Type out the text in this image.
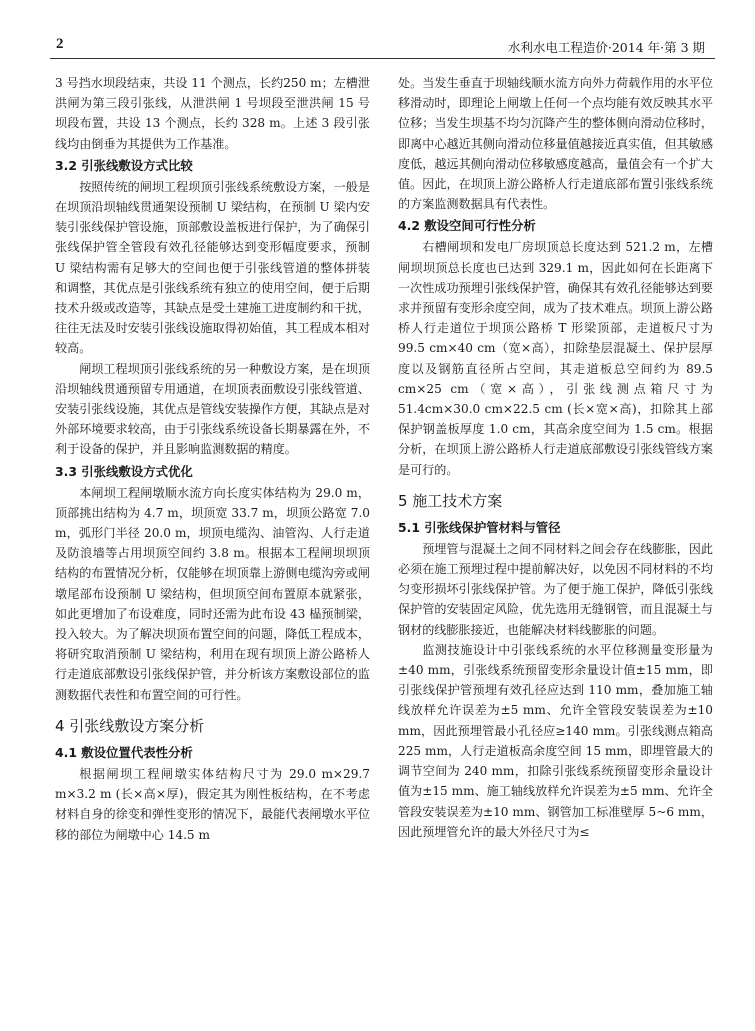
2	水利水电工程造价·2014 年·第 3 期

3 号挡水坝段结束，共设 11 个测点，长约250 m；左槽泄洪闸为第三段引张线，从泄洪闸 1 号坝段至泄洪闸 15 号坝段布置，共设 13 个测点，长约 328 m。上述 3 段引张线均由倒垂为其提供为工作基准。

3.2 引张线敷设方式比较

按照传统的闸坝工程坝顶引张线系统敷设方案，一般是在坝顶沿坝轴线贯通架设预制 U 梁结构，在预制 U 梁内安装引张线保护管设施，顶部敷设盖板进行保护，为了确保引张线保护管全管段有效孔径能够达到变形幅度要求，预制 U 梁结构需有足够大的空间也便于引张线管道的整体拼装和调整，其优点是引张线系统有独立的使用空间，便于后期技术升级或改造等，其缺点是受土建施工进度制约和干扰，往往无法及时安装引张线设施取得初始值，其工程成本相对较高。

闸坝工程坝顶引张线系统的另一种敷设方案，是在坝顶沿坝轴线贯通预留专用通道，在坝顶表面敷设引张线管道、安装引张线设施，其优点是管线安装操作方便，其缺点是对外部环境要求较高，由于引张线系统设备长期暴露在外，不利于设备的保护，并且影响监测数据的精度。

3.3 引张线敷设方式优化

本闸坝工程闸墩顺水流方向长度实体结构为 29.0 m，顶部挑出结构为 4.7 m，坝顶宽 33.7 m，坝顶公路宽 7.0 m，弧形门半径 20.0 m，坝顶电缆沟、油管沟、人行走道及防浪墙等占用坝顶空间约 3.8 m。根据本工程闸坝坝顶结构的布置情况分析，仅能够在坝顶靠上游侧电缆沟旁或闸墩尾部布设预制 U 梁结构，但坝顶空间布置原本就紧张，如此更增加了布设难度，同时还需为此布设 43 榀预制梁，投入较大。为了解决坝顶布置空间的问题，降低工程成本，将研究取消预制 U 梁结构，利用在现有坝顶上游公路桥人行走道底部敷设引张线保护管，并分析该方案敷设部位的监测数据代表性和布置空间的可行性。

4 引张线敷设方案分析
4.1 敷设位置代表性分析

根据闸坝工程闸墩实体结构尺寸为 29.0 m×29.7 m×3.2 m (长×高×厚)，假定其为刚性板结构，在不考虑材料自身的徐变和弹性变形的情况下，最能代表闸墩水平位移的部位为闸墩中心 14.5 m

处。当发生垂直于坝轴线顺水流方向外力荷载作用的水平位移滑动时，即理论上闸墩上任何一个点均能有效反映其水平位移；当发生坝基不均匀沉降产生的整体侧向滑动位移时，即离中心越近其侧向滑动位移量值越接近真实值，但其敏感度低，越远其侧向滑动位移敏感度越高，量值会有一个扩大值。因此，在坝顶上游公路桥人行走道底部布置引张线系统的方案监测数据具有代表性。

4.2 敷设空间可行性分析

右槽闸坝和发电厂房坝顶总长度达到 521.2 m，左槽闸坝坝顶总长度也已达到 329.1 m，因此如何在长距离下一次性成功预埋引张线保护管，确保其有效孔径能够达到要求并预留有变形余度空间，成为了技术难点。坝顶上游公路桥人行走道位于坝顶公路桥 T 形梁顶部，走道板尺寸为 99.5 cm×40 cm（宽×高），扣除垫层混凝土、保护层厚度以及钢筋直径所占空间，其走道板总空间约为 89.5 cm×25 cm（宽×高），引张线测点箱尺寸为 51.4cm×30.0 cm×22.5 cm (长×宽×高)，扣除其上部保护钢盖板厚度 1.0 cm，其高余度空间为 1.5 cm。根据分析，在坝顶上游公路桥人行走道底部敷设引张线管线方案是可行的。

5 施工技术方案
5.1 引张线保护管材料与管径

预埋管与混凝土之间不同材料之间会存在线膨胀，因此必须在施工预埋过程中提前解决好，以免因不同材料的不均匀变形损坏引张线保护管。为了便于施工保护，降低引张线保护管的安装固定风险，优先选用无缝钢管，而且混凝土与钢材的线膨胀接近，也能解决材料线膨胀的问题。

监测技施设计中引张线系统的水平位移测量变形量为±40 mm，引张线系统预留变形余量设计值±15 mm，即引张线保护管预埋有效孔径应达到 110 mm，叠加施工轴线放样允许误差为±5 mm、允许全管段安装误差为±10 mm，因此预埋管最小孔径应≥140 mm。引张线测点箱高 225 mm，人行走道板高余度空间 15 mm，即埋管最大的调节空间为 240 mm，扣除引张线系统预留变形余量设计值为±15 mm、施工轴线放样允许误差为±5 mm、允许全管段安装误差为±10 mm、钢管加工标准壁厚 5~6 mm，因此预埋管允许的最大外径尺寸为≤
